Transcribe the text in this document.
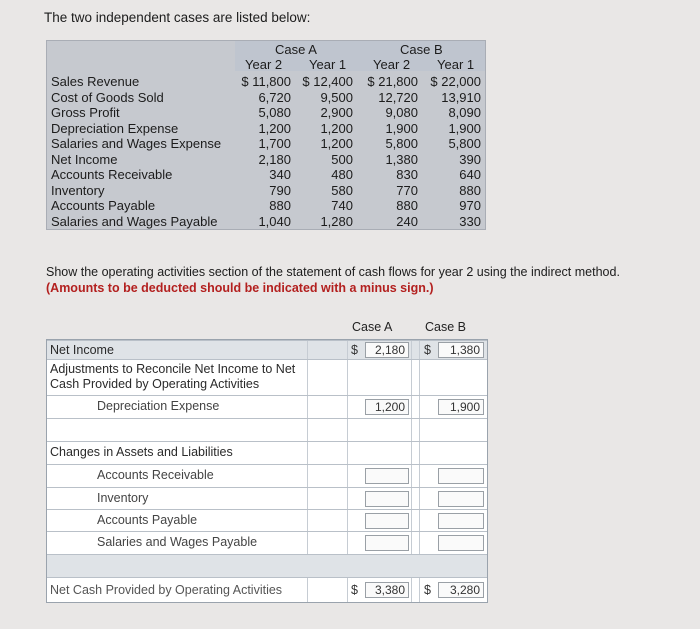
The two independent cases are listed below:
Case A	Case B
Year 2 Year 1 Year 2 Year 1
Sales Revenue	$ 11,800 $ 12,400	$ 21,800 $ 22,000
Cost of Goods Sold	6,720	9,500	12,720	13,910
Gross Profit	5,080	2,900	9,080	8,090
Depreciation Expense	1,200	1,200	1,900	1,900
Salaries and Wages Expense	1,700	1,200	5,800	5,800
Net Income	2,180	500	1,380	390
Accounts Receivable	340	480	830	640
Inventory	790	580	770	880
Accounts Payable	880	740	880	970
Salaries and Wages Payable	1,040	1,280	240	330
Show the operating activities section of the statement of cash flows for year 2 using the indirect method.
(Amounts to be deducted should be indicated with a minus sign.)
Net Income	$	2,180	$	1,380
Adjustments to Reconcile Net Income to Net
Cash Provided by Operating Activities
Depreciation Expense	1,200	1,900
Changes in Assets and Liabilities
Accounts Receivable
Inventory
Accounts Payable
Salaries and Wages Payable
Net Cash Provided by Operating Activities	$	3,380	$	3,280
Case A	Case B
